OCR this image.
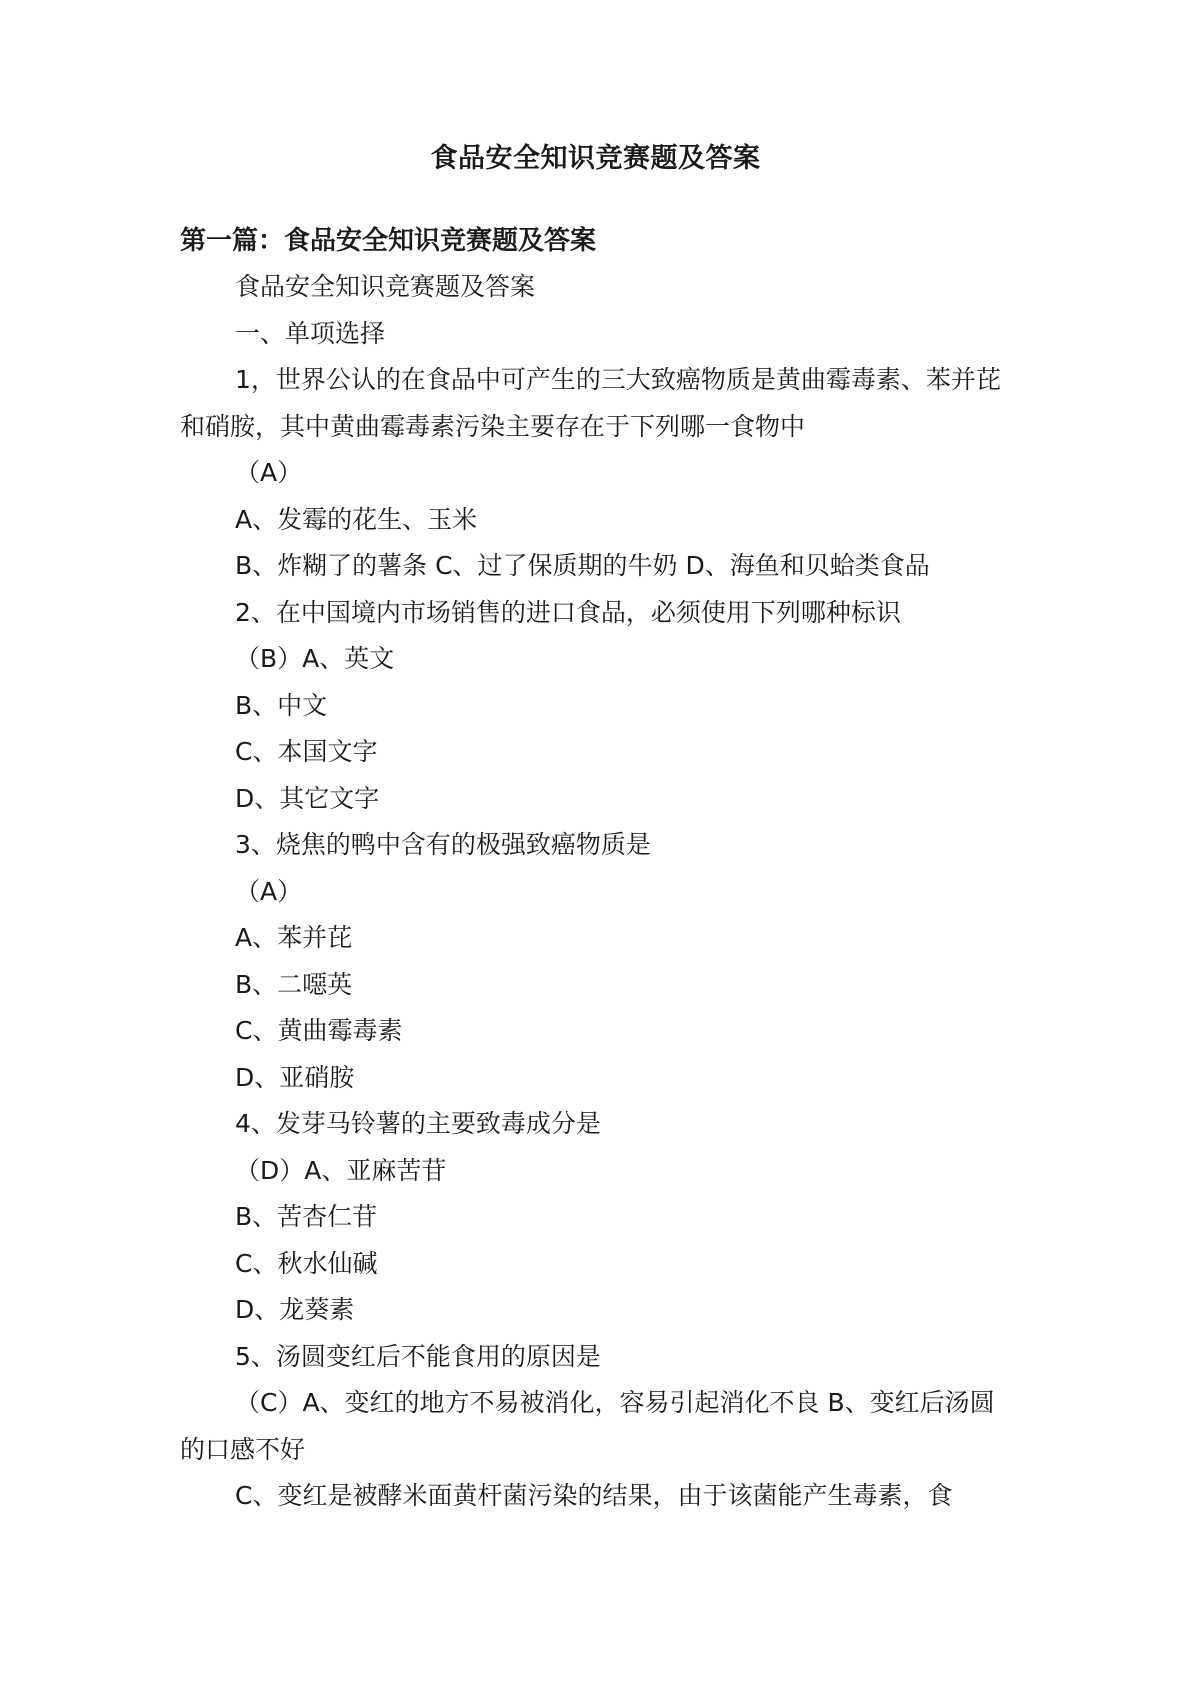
食品安全知识竞赛题及答案
第一篇：食品安全知识竞赛题及答案

食品安全知识竞赛题及答案

一、单项选择

1，世界公认的在食品中可产生的三大致癌物质是黄曲霉毒素、苯并芘和硝胺，其中黄曲霉毒素污染主要存在于下列哪一食物中

（A）

A、发霉的花生、玉米

B、炸糊了的薯条 C、过了保质期的牛奶 D、海鱼和贝蛤类食品

2、在中国境内市场销售的进口食品，必须使用下列哪种标识

（B）A、英文

B、中文

C、本国文字

D、其它文字

3、烧焦的鸭中含有的极强致癌物质是

（A）

A、苯并芘

B、二噁英

C、黄曲霉毒素

D、亚硝胺

4、发芽马铃薯的主要致毒成分是

（D）A、亚麻苦苷

B、苦杏仁苷

C、秋水仙碱

D、龙葵素

5、汤圆变红后不能食用的原因是

（C）A、变红的地方不易被消化，容易引起消化不良 B、变红后汤圆的口感不好

C、变红是被酵米面黄杆菌污染的结果，由于该菌能产生毒素，食
